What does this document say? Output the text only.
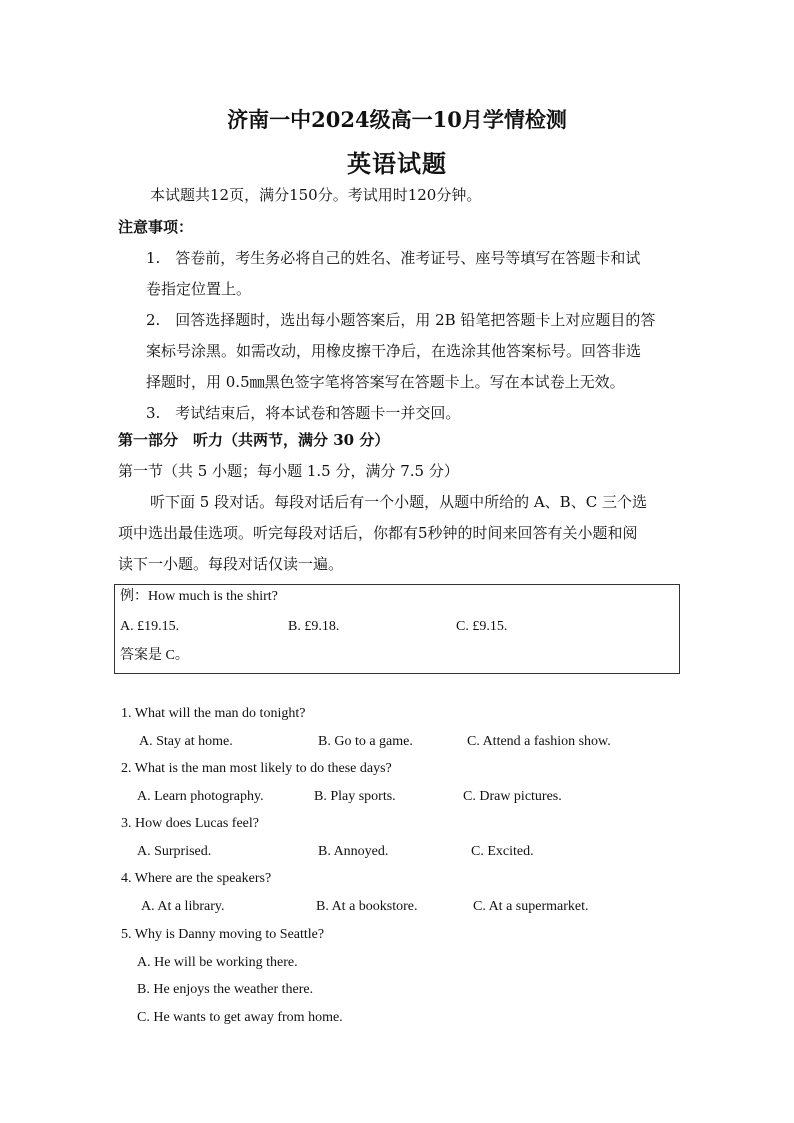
济南一中2024级高一10月学情检测
英语试题
本试题共12页，满分150分。考试用时120分钟。
注意事项：
1.　答卷前，考生务必将自己的姓名、准考证号、座号等填写在答题卡和试
卷指定位置上。
2.　回答选择题时，选出每小题答案后，用 2B 铅笔把答题卡上对应题目的答
案标号涂黑。如需改动，用橡皮擦干净后，在选涂其他答案标号。回答非选
择题时，用 0.5㎜黑色签字笔将答案写在答题卡上。写在本试卷上无效。
3.　考试结束后，将本试卷和答题卡一并交回。
第一部分　听力（共两节，满分 30 分）
第一节（共 5 小题；每小题 1.5 分，满分 7.5 分）
听下面 5 段对话。每段对话后有一个小题，从题中所给的 A、B、C 三个选
项中选出最佳选项。听完每段对话后，你都有5秒钟的时间来回答有关小题和阅
读下一小题。每段对话仅读一遍。
例：How much is the shirt?
A. £19.15.	B. £9.18.	C. £9.15.
答案是 C。
1. What will the man do tonight?
A. Stay at home.	B. Go to a game.	C. Attend a fashion show.
2. What is the man most likely to do these days?
A. Learn photography.	B. Play sports.	C. Draw pictures.
3. How does Lucas feel?
A. Surprised.	B. Annoyed.	C. Excited.
4. Where are the speakers?
A. At a library.	B. At a bookstore.	C. At a supermarket.
5. Why is Danny moving to Seattle?
A. He will be working there.
B. He enjoys the weather there.
C. He wants to get away from home.
